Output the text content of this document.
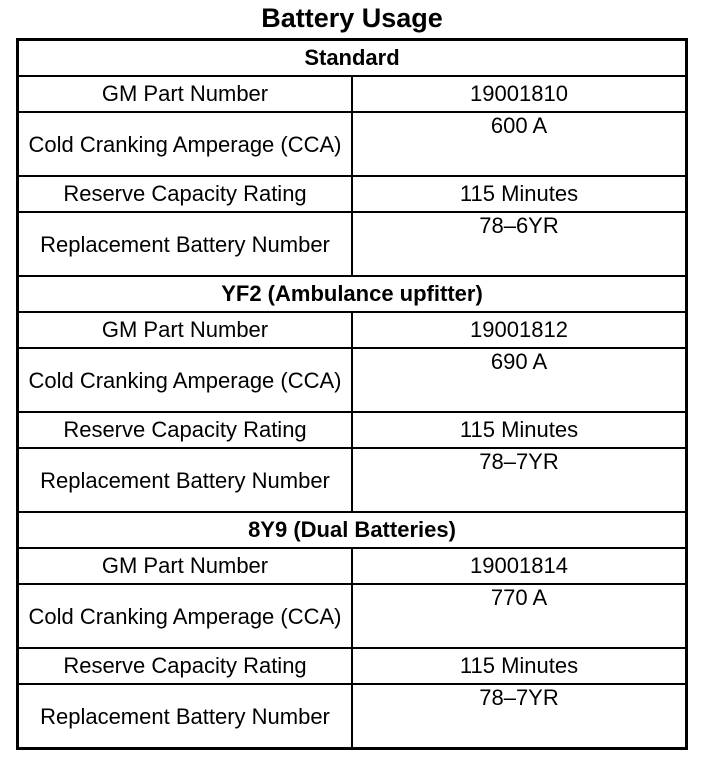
Battery Usage
Standard	
GM Part Number	19001810
Cold Cranking Amperage (CCA)	600 A
Reserve Capacity Rating	115 Minutes
Replacement Battery Number	78–6YR
YF2 (Ambulance upfitter)	
GM Part Number	19001812
Cold Cranking Amperage (CCA)	690 A
Reserve Capacity Rating	115 Minutes
Replacement Battery Number	78–7YR
8Y9 (Dual Batteries)	
GM Part Number	19001814
Cold Cranking Amperage (CCA)	770 A
Reserve Capacity Rating	115 Minutes
Replacement Battery Number	78–7YR
